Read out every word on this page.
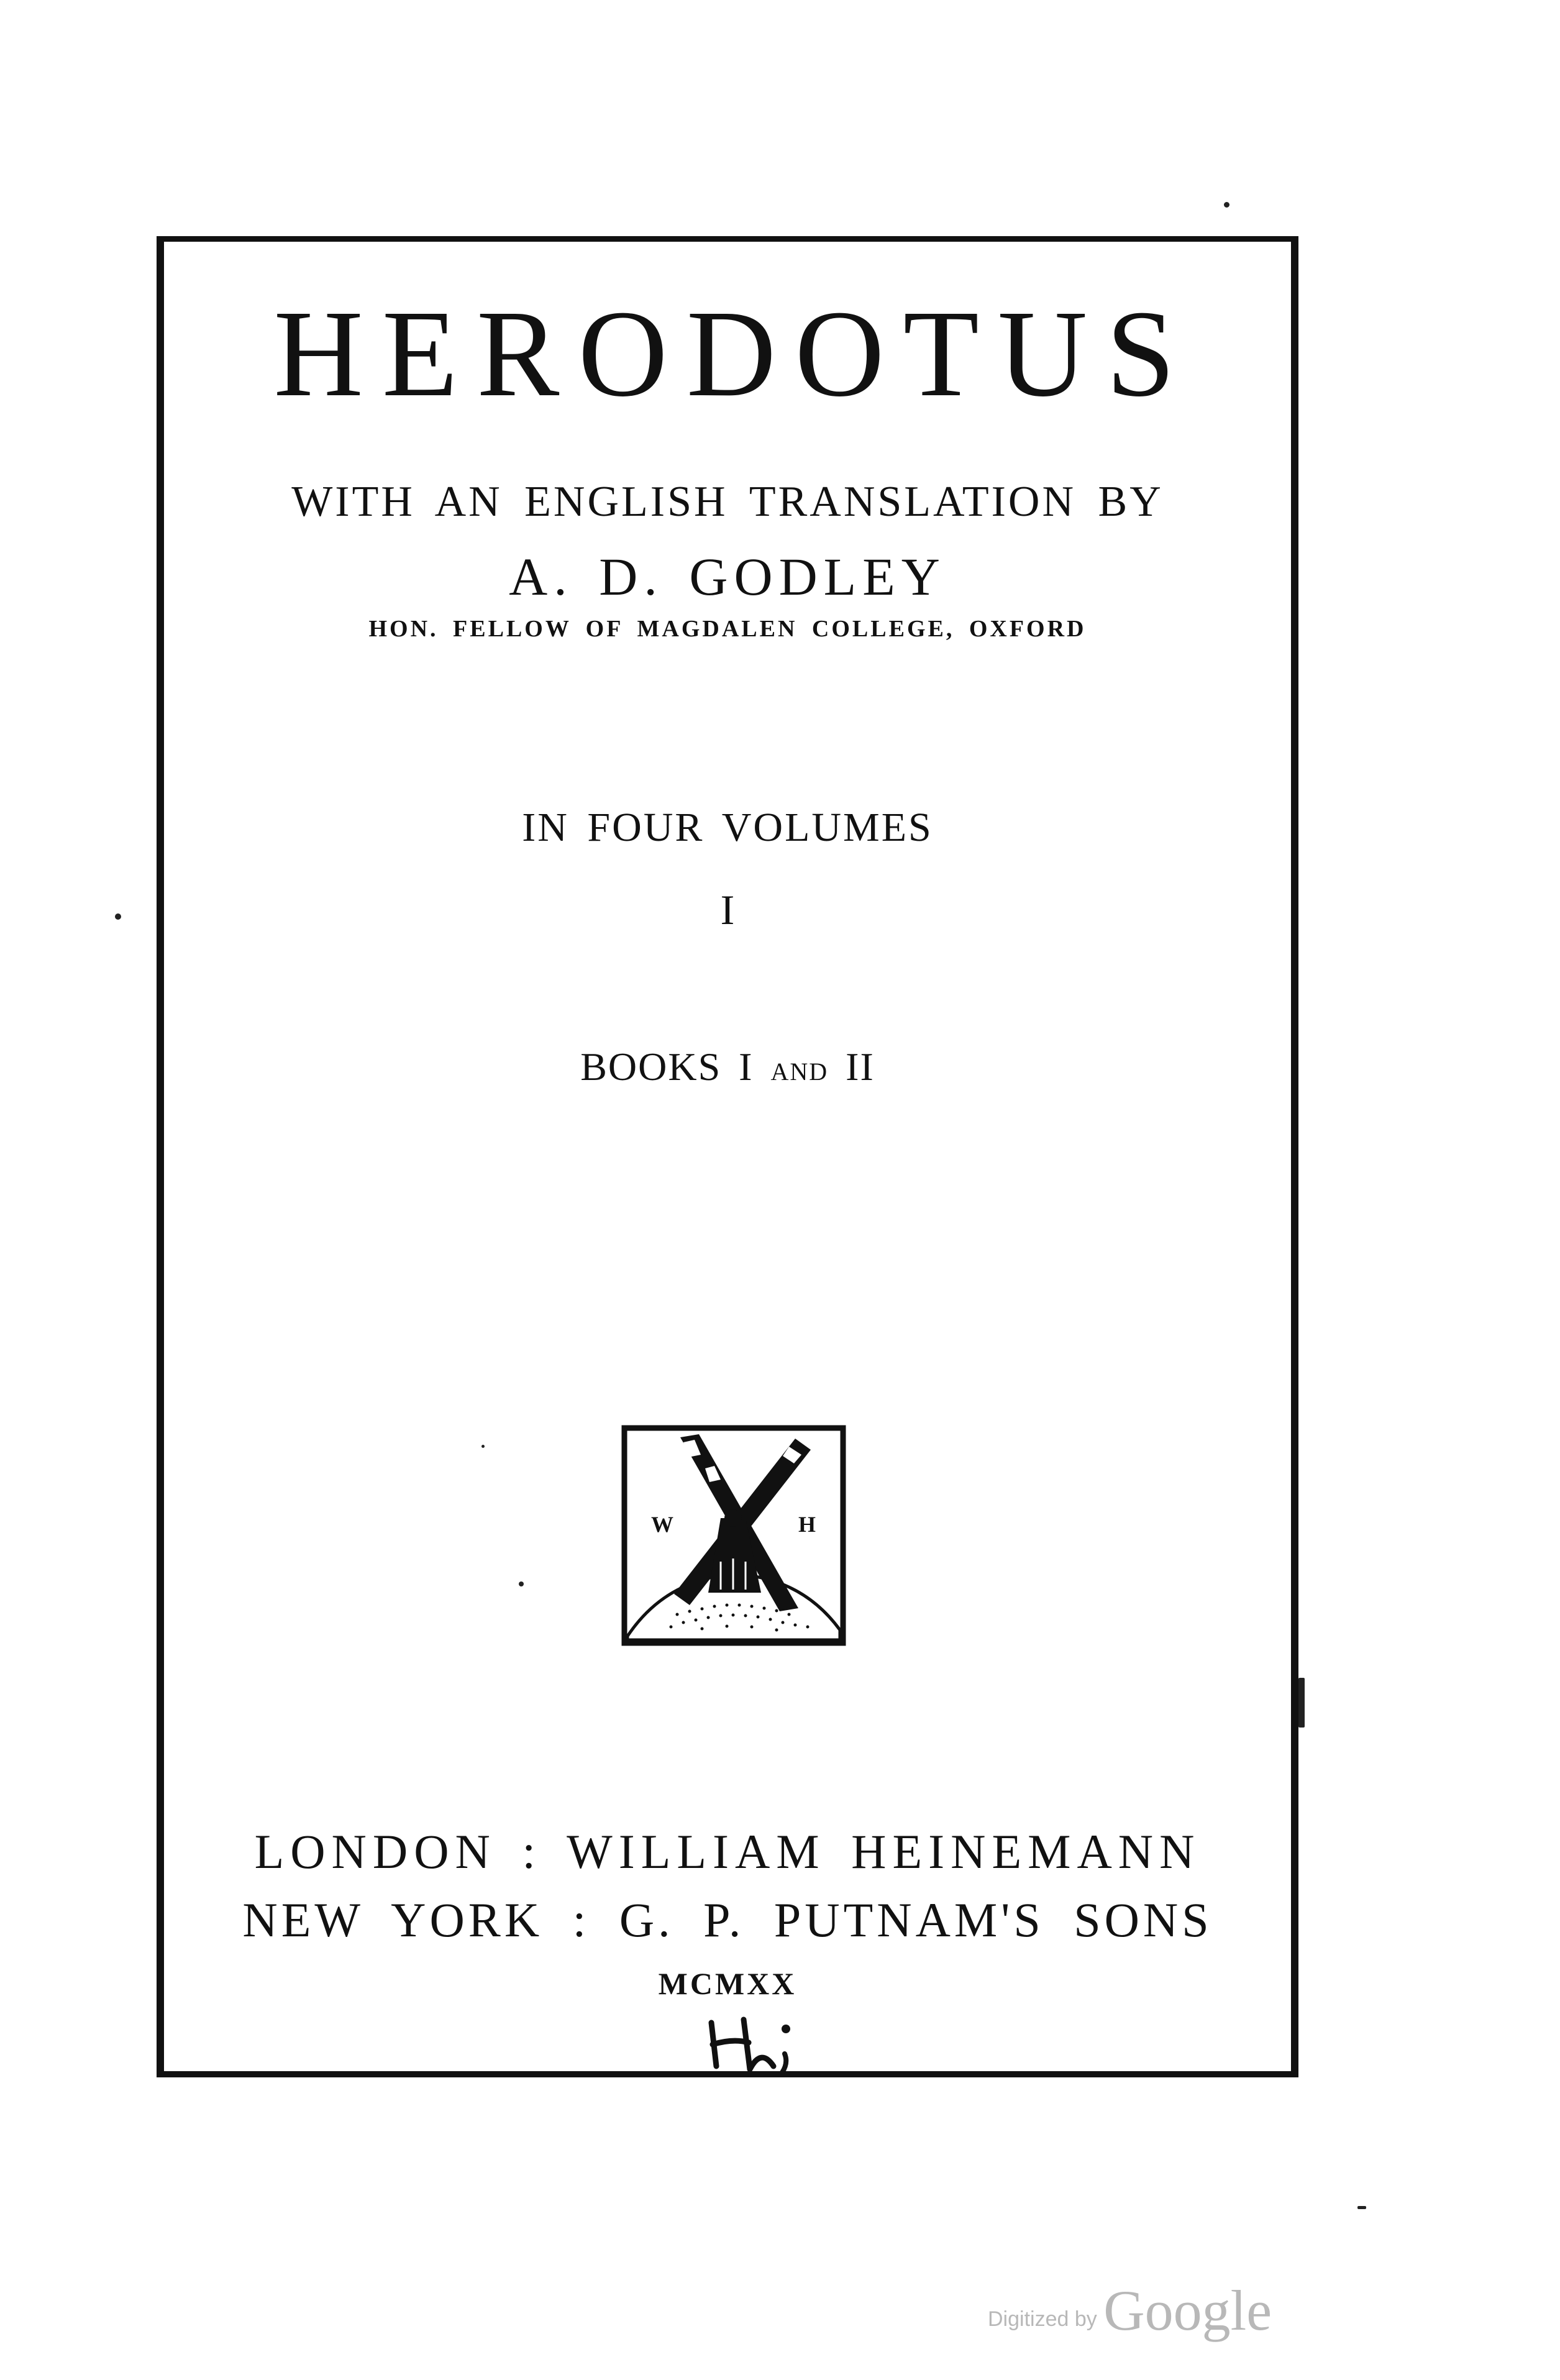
HERODOTUS
WITH AN ENGLISH TRANSLATION BY
A. D. GODLEY
HON. FELLOW OF MAGDALEN COLLEGE, OXFORD
IN FOUR VOLUMES
I
BOOKS I AND II
W	H
LONDON : WILLIAM HEINEMANN
NEW YORK : G. P. PUTNAM'S SONS
MCMXX
Digitized by Google
